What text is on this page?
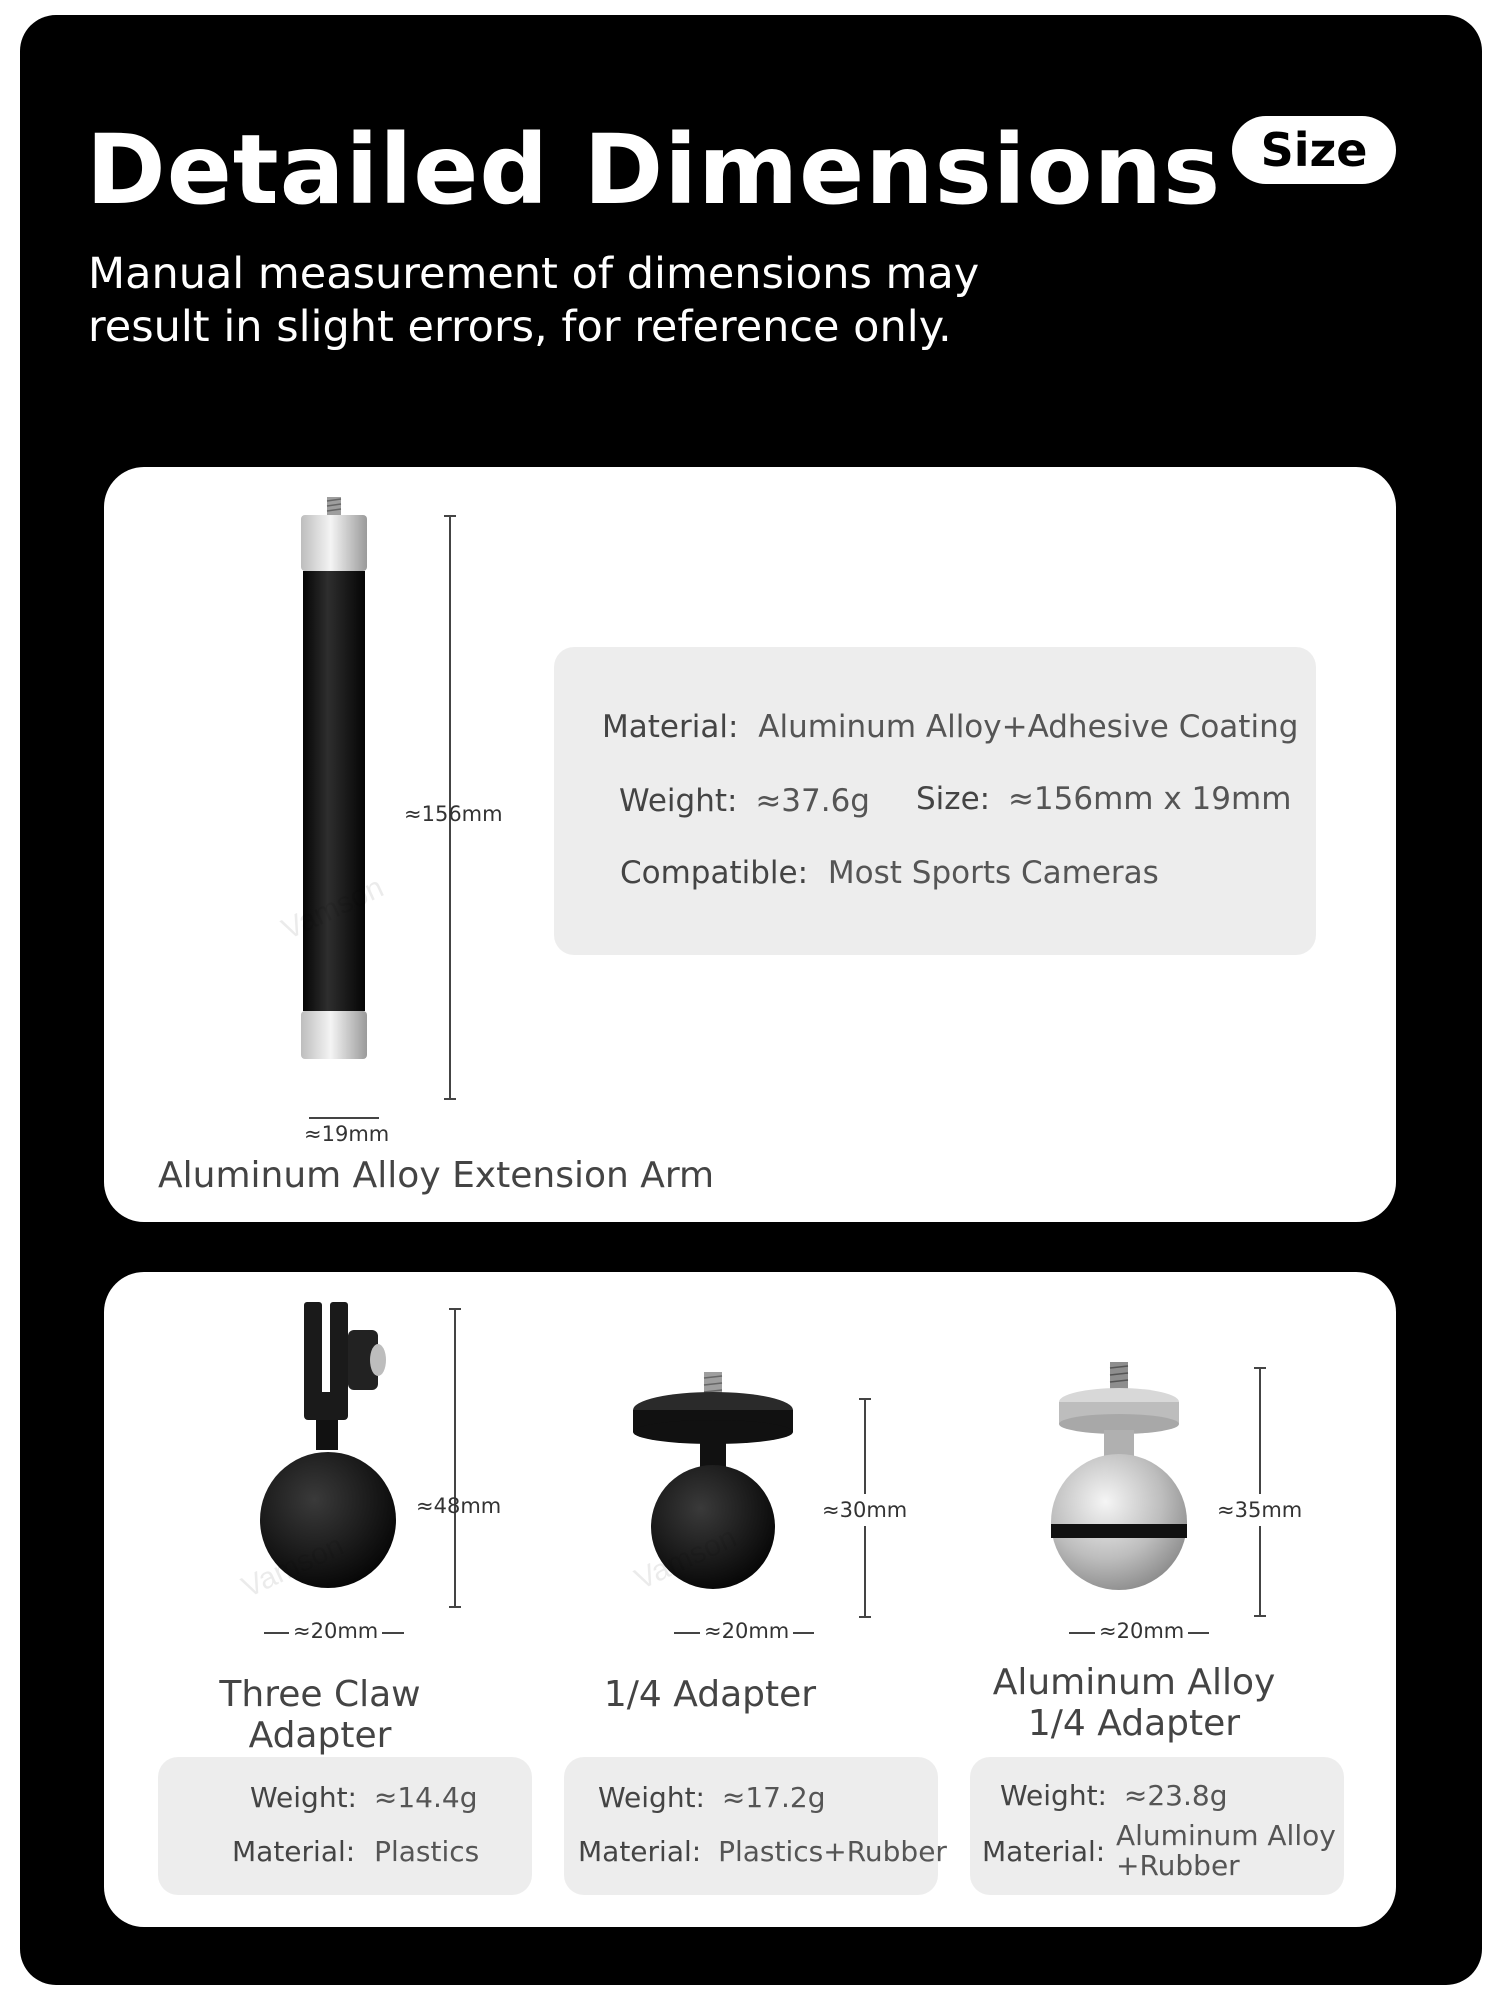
Detailed Dimensions Size
Manual measurement of dimensions may
result in slight errors, for reference only.
≈156mm
≈19mm
Vamson
Material: Aluminum Alloy+Adhesive Coating
Weight: ≈37.6g Size: ≈156mm x 19mm
Compatible: Most Sports Cameras
Aluminum Alloy Extension Arm
≈48mm
≈20mm
Three Claw Adapter
≈30mm
≈20mm
1/4 Adapter
≈35mm
≈20mm
Aluminum Alloy
1/4 Adapter
Vamson	Vamson
Weight: ≈14.4g
Material: Plastics
Weight: ≈17.2g
Material: Plastics+Rubber
Weight: ≈23.8g
Material: Aluminum Alloy
+Rubber
